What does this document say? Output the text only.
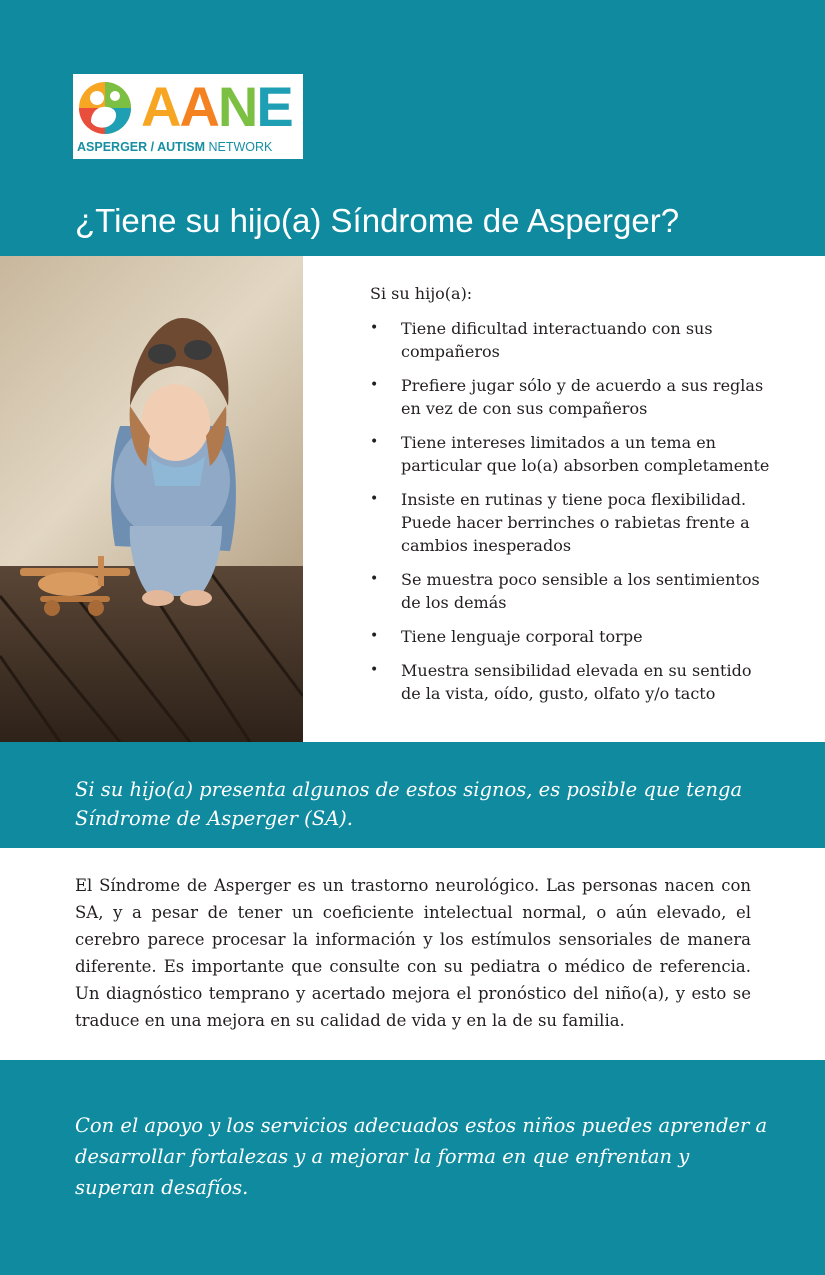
AANE
ASPERGER / AUTISM NETWORK
¿Tiene su hijo(a) Síndrome de Asperger?

Si su hijo(a):

• Tiene dificultad interactuando con sus compañeros
• Prefiere jugar sólo y de acuerdo a sus reglas en vez de con sus compañeros
• Tiene intereses limitados a un tema en particular que lo(a) absorben completamente
• Insiste en rutinas y tiene poca flexibilidad. Puede hacer berrinches o rabietas frente a cambios inesperados
• Se muestra poco sensible a los sentimientos de los demás
• Tiene lenguaje corporal torpe
• Muestra sensibilidad elevada en su sentido de la vista, oído, gusto, olfato y/o tacto

Si su hijo(a) presenta algunos de estos signos, es posible que tenga Síndrome de Asperger (SA).

El Síndrome de Asperger es un trastorno neurológico. Las personas nacen con SA, y a pesar de tener un coeficiente intelectual normal, o aún elevado, el cerebro parece procesar la información y los estímulos sensoriales de manera diferente. Es importante que consulte con su pediatra o médico de referencia. Un diagnóstico temprano y acertado mejora el pronóstico del niño(a), y esto se traduce en una mejora en su calidad de vida y en la de su familia.

Con el apoyo y los servicios adecuados estos niños puedes aprender a desarrollar fortalezas y a mejorar la forma en que enfrentan y superan desafíos.
